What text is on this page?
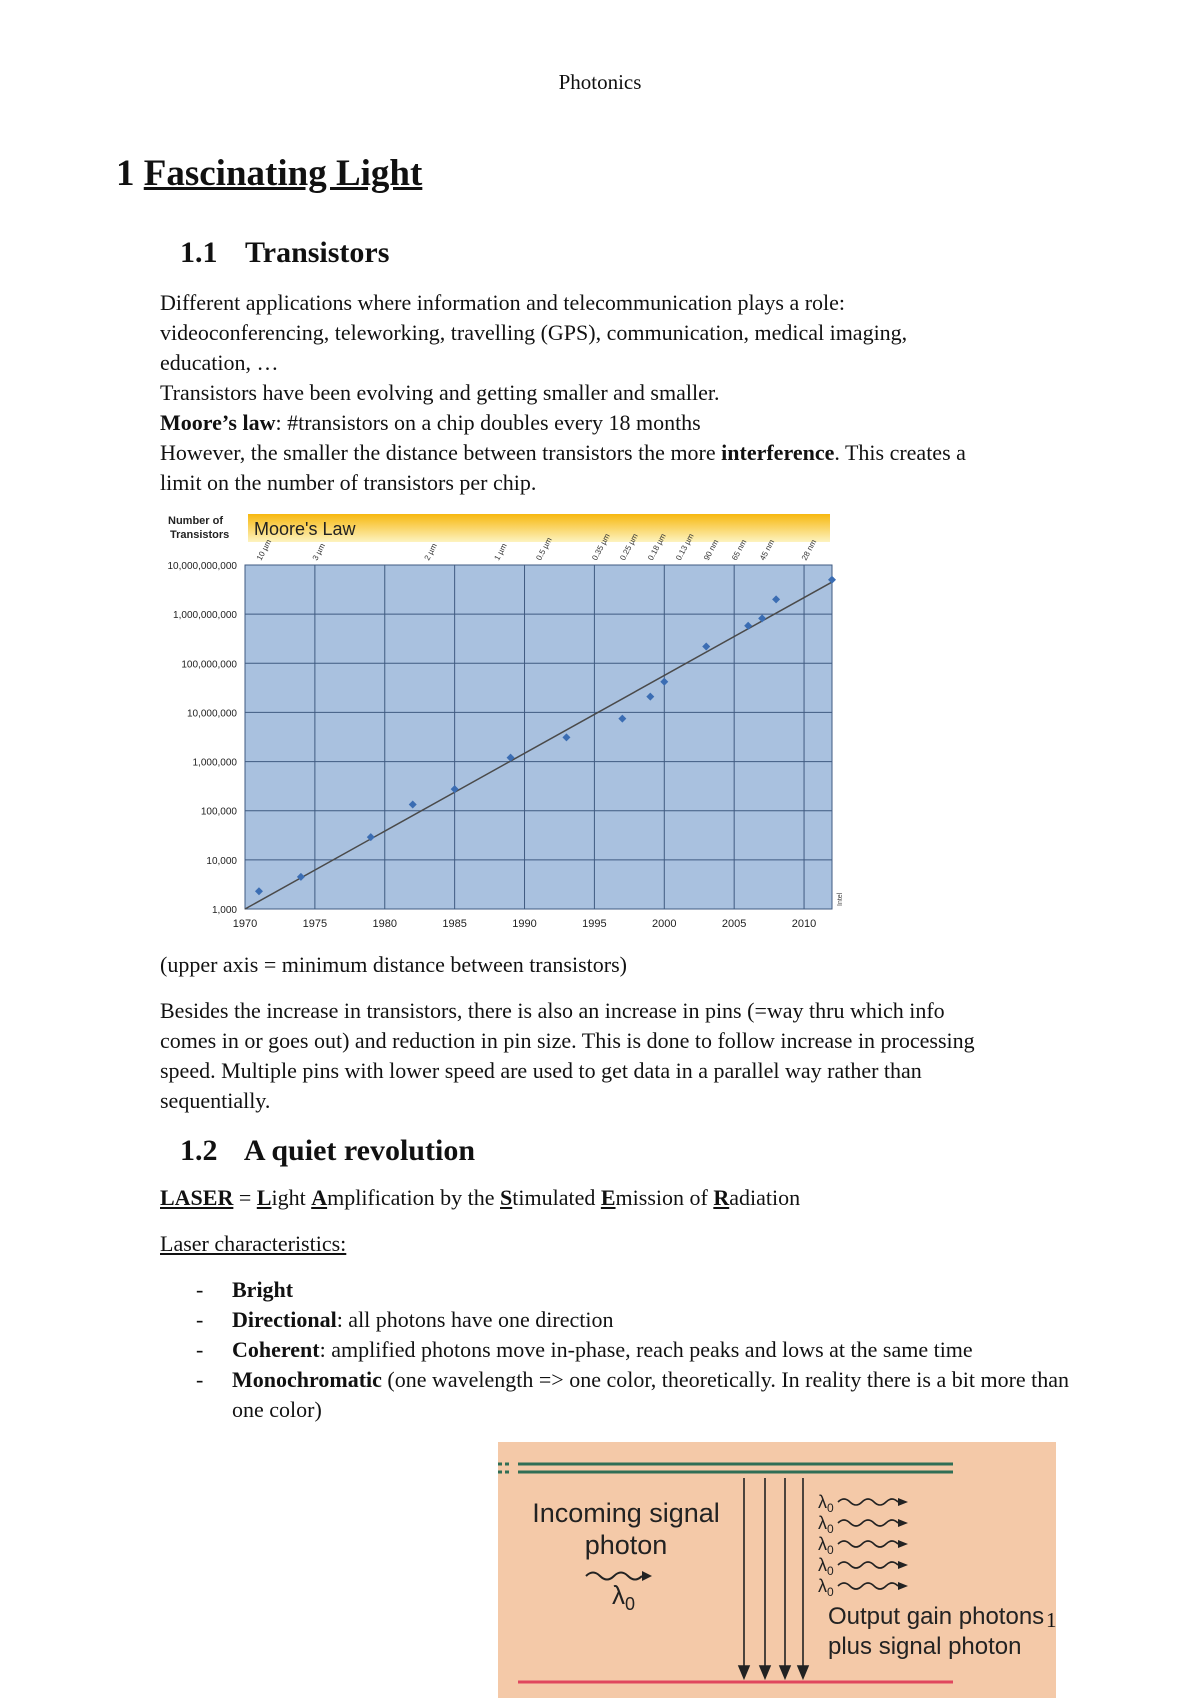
Photonics
1 Fascinating Light
1.1 Transistors

Different applications where information and telecommunication plays a role:

videoconferencing, teleworking, travelling (GPS), communication, medical imaging,

education, …

Transistors have been evolving and getting smaller and smaller.

Moore’s law: #transistors on a chip doubles every 18 months

However, the smaller the distance between transistors the more interference. This creates a

limit on the number of transistors per chip.

Number of
Transistors Moore's Law
10,000,000,000
1,000,000,000
100,000,000
10,000,000
1,000,000
100,000
10,000
1,000
1970	1975	1980	1985	1990	1995	2000	2005	2010
10 µm	3 µm	2 µm	1 µm	0.5 µm	0.35 µm 0.25 µm 0.18 µm 0.13 µm 90 nm 65 nm 45 nm	28 nm
Intel
(upper axis = minimum distance between transistors)

Besides the increase in transistors, there is also an increase in pins (=way thru which info

comes in or goes out) and reduction in pin size. This is done to follow increase in processing

speed. Multiple pins with lower speed are used to get data in a parallel way rather than

sequentially.

1.2 A quiet revolution
LASER = Light Amplification by the Stimulated Emission of Radiation
Laser characteristics:
- Bright
- Directional: all photons have one direction
- Coherent: amplified photons move in-phase, reach peaks and lows at the same time
- Monochromatic (one wavelength => one color, theoretically. In reality there is a bit more than one color)
Incoming signal
photon
$\lambda_0$
$\lambda_0$
$\lambda_0$
$\lambda_0$
$\lambda_0$
$\lambda_0$
Output gain photons
plus signal photon
1
